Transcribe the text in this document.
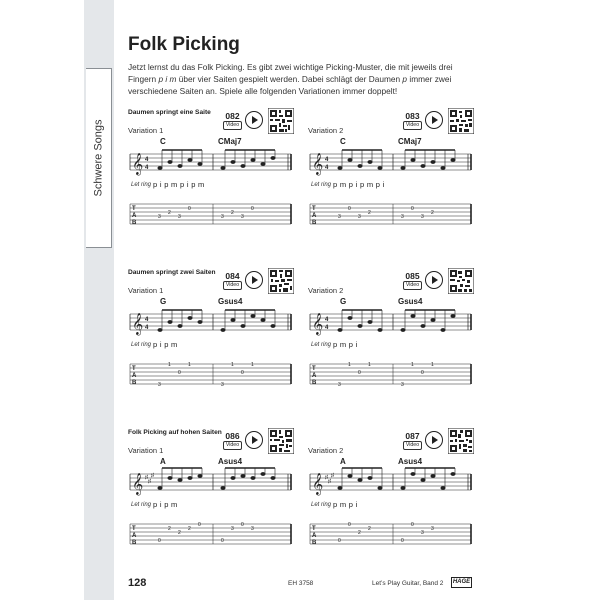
Schwere Songs
Folk Picking

Jetzt lernst du das Folk Picking. Es gibt zwei wichtige Picking-Muster, die mit jeweils drei Fingern p i m über vier Saiten gespielt werden. Dabei schlägt der Daumen p immer zwei verschiedene Saiten an. Spiele alle folgenden Variationen immer doppelt!

Daumen springt eine Saite
Variation 1
082
Video
C	CMaj7
𝄞 4
4
T
A
B
3
2
3
0
3
2
3
0
Let ring p i p m p i p m
Variation 2
083
Video
C	CMaj7
𝄞 4
4
T
A
B
3
0
3
2
3
0
3
2
Let ring p m p i p m p i
Daumen springt zwei Saiten
Variation 1
084
Video
G	Gsus4
𝄞 4
4
T
A
B	3
1
0
1
3
1
0
1
Let ring p i p m
Variation 2
085
Video
G	Gsus4
𝄞 4
4
T
A
B	3
1
0
1
3
1
0
1
Let ring p m p i
Folk Picking auf hohen Saiten
Variation 1
086
Video
A	Asus4
𝄞 ♯
♯
♯
T
A
B	0
2
2
2
0
0
3
0
3
Let ring p i p m
Variation 2
087
Video
A	Asus4
𝄞 ♯
♯
♯
T
A
B	0
0
2
2
0
0
3
3
Let ring p m p i
128	EH 3758	Let’s Play Guitar, Band 2	HAGE
